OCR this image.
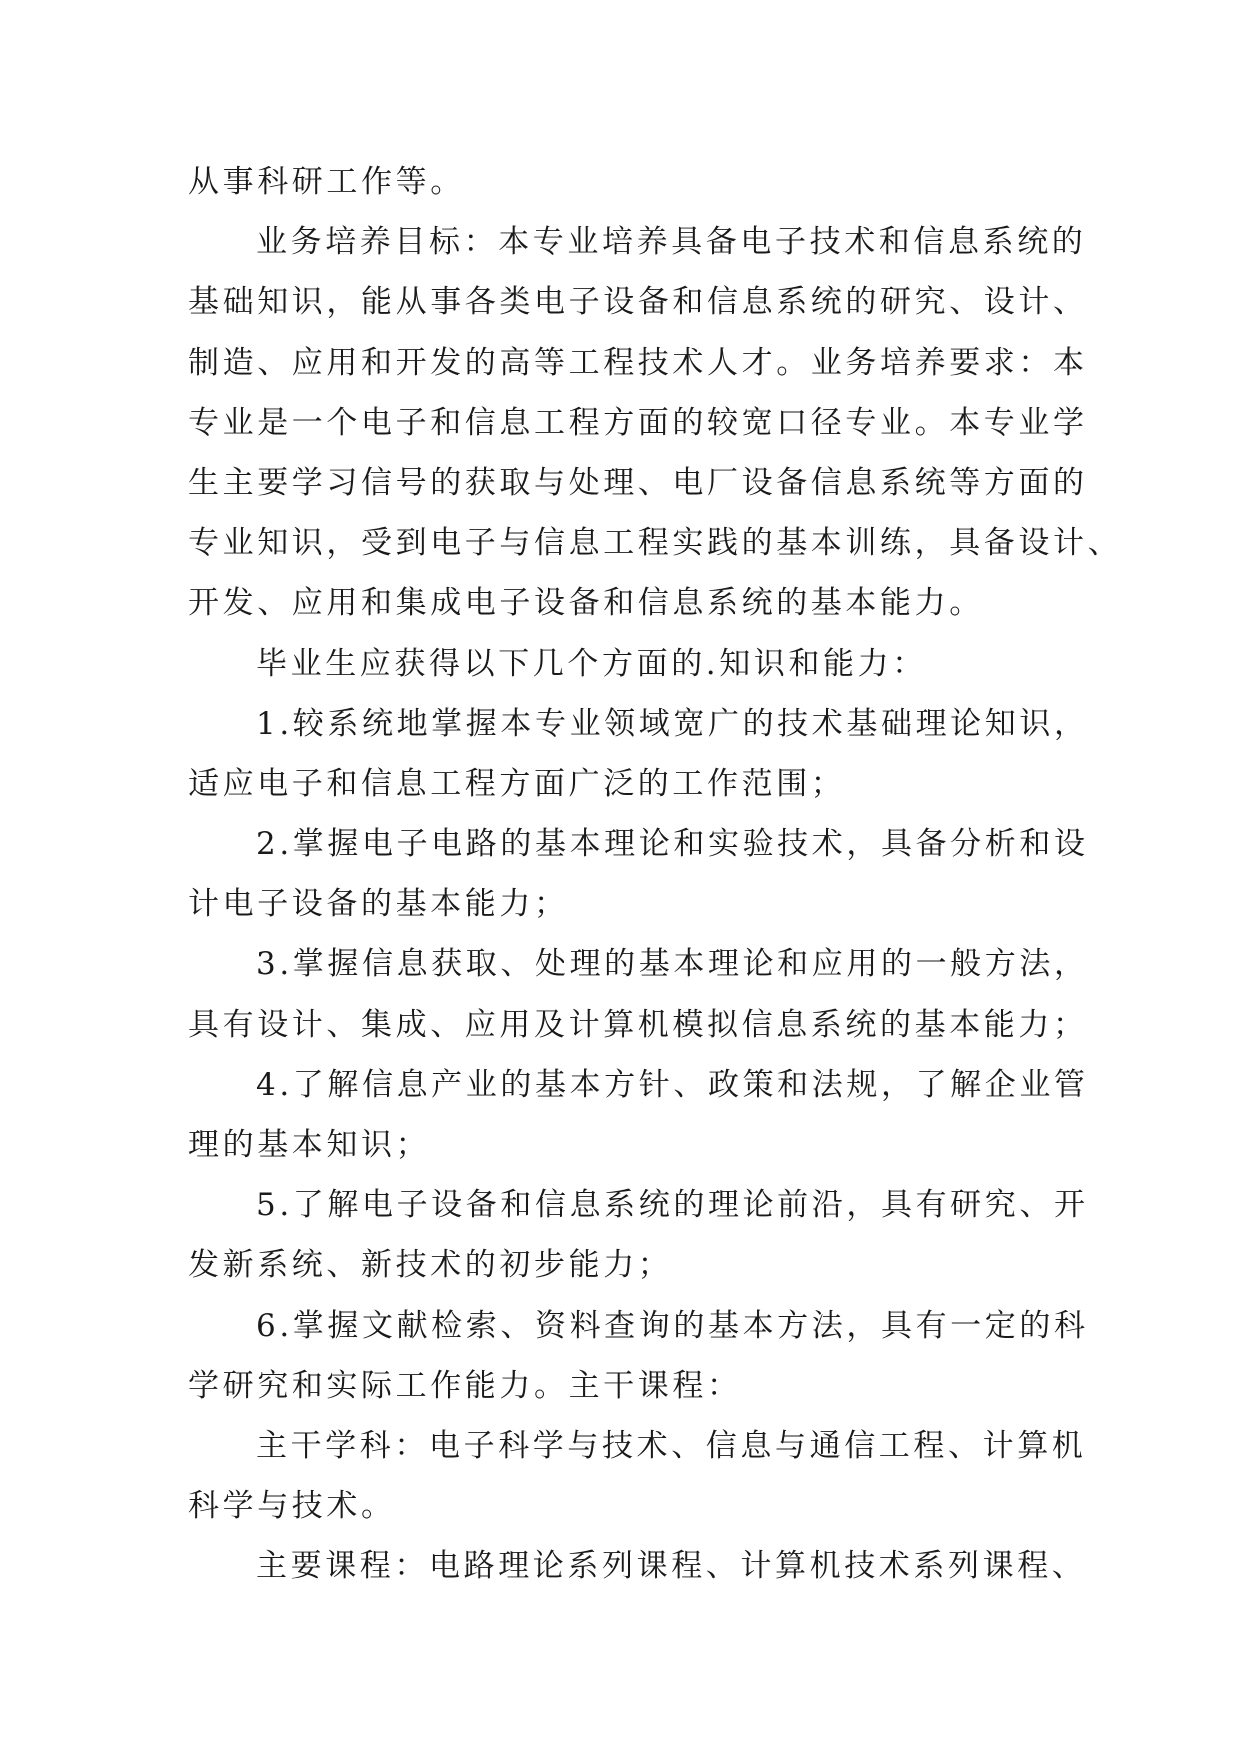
从事科研工作等。
业务培养目标：本专业培养具备电子技术和信息系统的
基础知识，能从事各类电子设备和信息系统的研究、设计、
制造、应用和开发的高等工程技术人才。业务培养要求：本
专业是一个电子和信息工程方面的较宽口径专业。本专业学
生主要学习信号的获取与处理、电厂设备信息系统等方面的
专业知识，受到电子与信息工程实践的基本训练，具备设计、
开发、应用和集成电子设备和信息系统的基本能力。
毕业生应获得以下几个方面的.知识和能力：
1.较系统地掌握本专业领域宽广的技术基础理论知识，
适应电子和信息工程方面广泛的工作范围；
2.掌握电子电路的基本理论和实验技术，具备分析和设
计电子设备的基本能力；
3.掌握信息获取、处理的基本理论和应用的一般方法，
具有设计、集成、应用及计算机模拟信息系统的基本能力；
4.了解信息产业的基本方针、政策和法规，了解企业管
理的基本知识；
5.了解电子设备和信息系统的理论前沿，具有研究、开
发新系统、新技术的初步能力；
6.掌握文献检索、资料查询的基本方法，具有一定的科
学研究和实际工作能力。主干课程：
主干学科：电子科学与技术、信息与通信工程、计算机
科学与技术。
主要课程：电路理论系列课程、计算机技术系列课程、
